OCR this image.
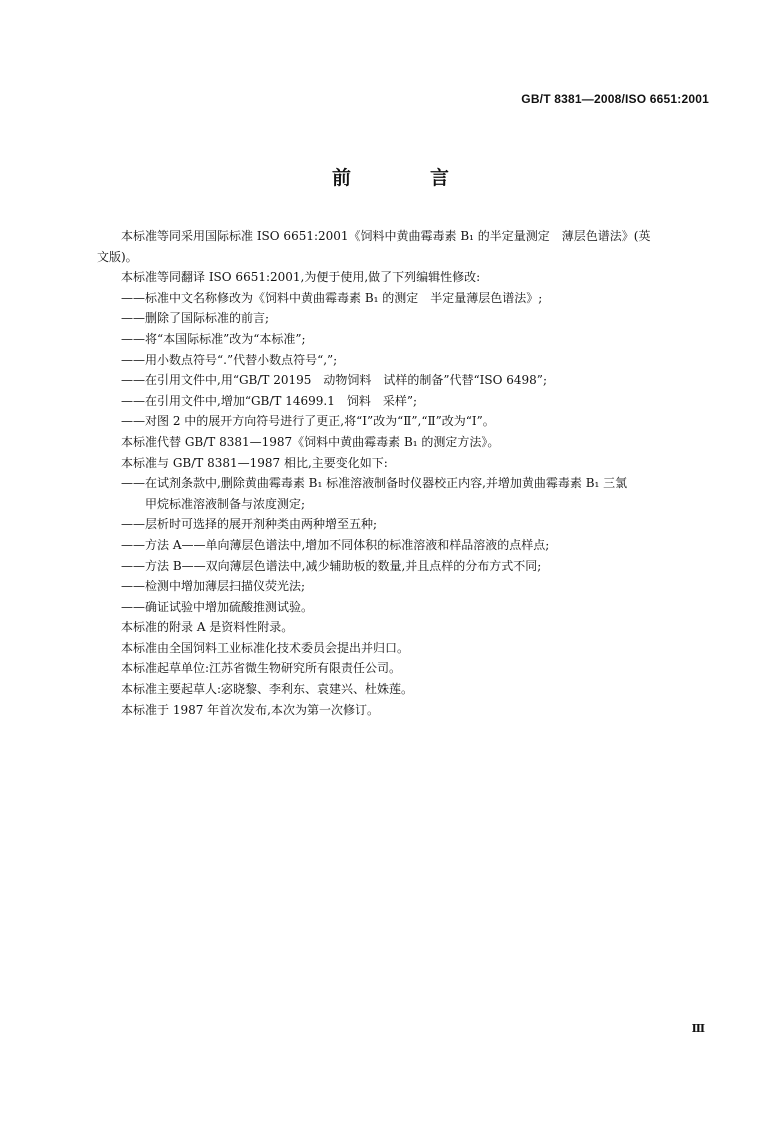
GB/T 8381—2008/ISO 6651:2001
前　言
本标准等同采用国际标准 ISO 6651:2001《饲料中黄曲霉毒素 B₁ 的半定量测定　薄层色谱法》(英
文版)。

本标准等同翻译 ISO 6651:2001,为便于使用,做了下列编辑性修改:

——标准中文名称修改为《饲料中黄曲霉毒素 B₁ 的测定　半定量薄层色谱法》;
——删除了国际标准的前言;
——将“本国际标准”改为“本标准”;
——用小数点符号“.”代替小数点符号“,”;
——在引用文件中,用“GB/T 20195　动物饲料　试样的制备”代替“ISO 6498”;
——在引用文件中,增加“GB/T 14699.1　饲料　采样”;
——对图 2 中的展开方向符号进行了更正,将“Ⅰ”改为“Ⅱ”,“Ⅱ”改为“Ⅰ”。

本标准代替 GB/T 8381—1987《饲料中黄曲霉毒素 B₁ 的测定方法》。

本标准与 GB/T 8381—1987 相比,主要变化如下:

——在试剂条款中,删除黄曲霉毒素 B₁ 标准溶液制备时仪器校正内容,并增加黄曲霉毒素 B₁ 三氯
甲烷标准溶液制备与浓度测定;
——层析时可选择的展开剂种类由两种增至五种;
——方法 A——单向薄层色谱法中,增加不同体积的标准溶液和样品溶液的点样点;
——方法 B——双向薄层色谱法中,减少辅助板的数量,并且点样的分布方式不同;
——检测中增加薄层扫描仪荧光法;
——确证试验中增加硫酸推测试验。

本标准的附录 A 是资料性附录。

本标准由全国饲料工业标准化技术委员会提出并归口。

本标准起草单位:江苏省微生物研究所有限责任公司。

本标准主要起草人:宓晓黎、李利东、袁建兴、杜姝莲。

本标准于 1987 年首次发布,本次为第一次修订。

Ⅲ
